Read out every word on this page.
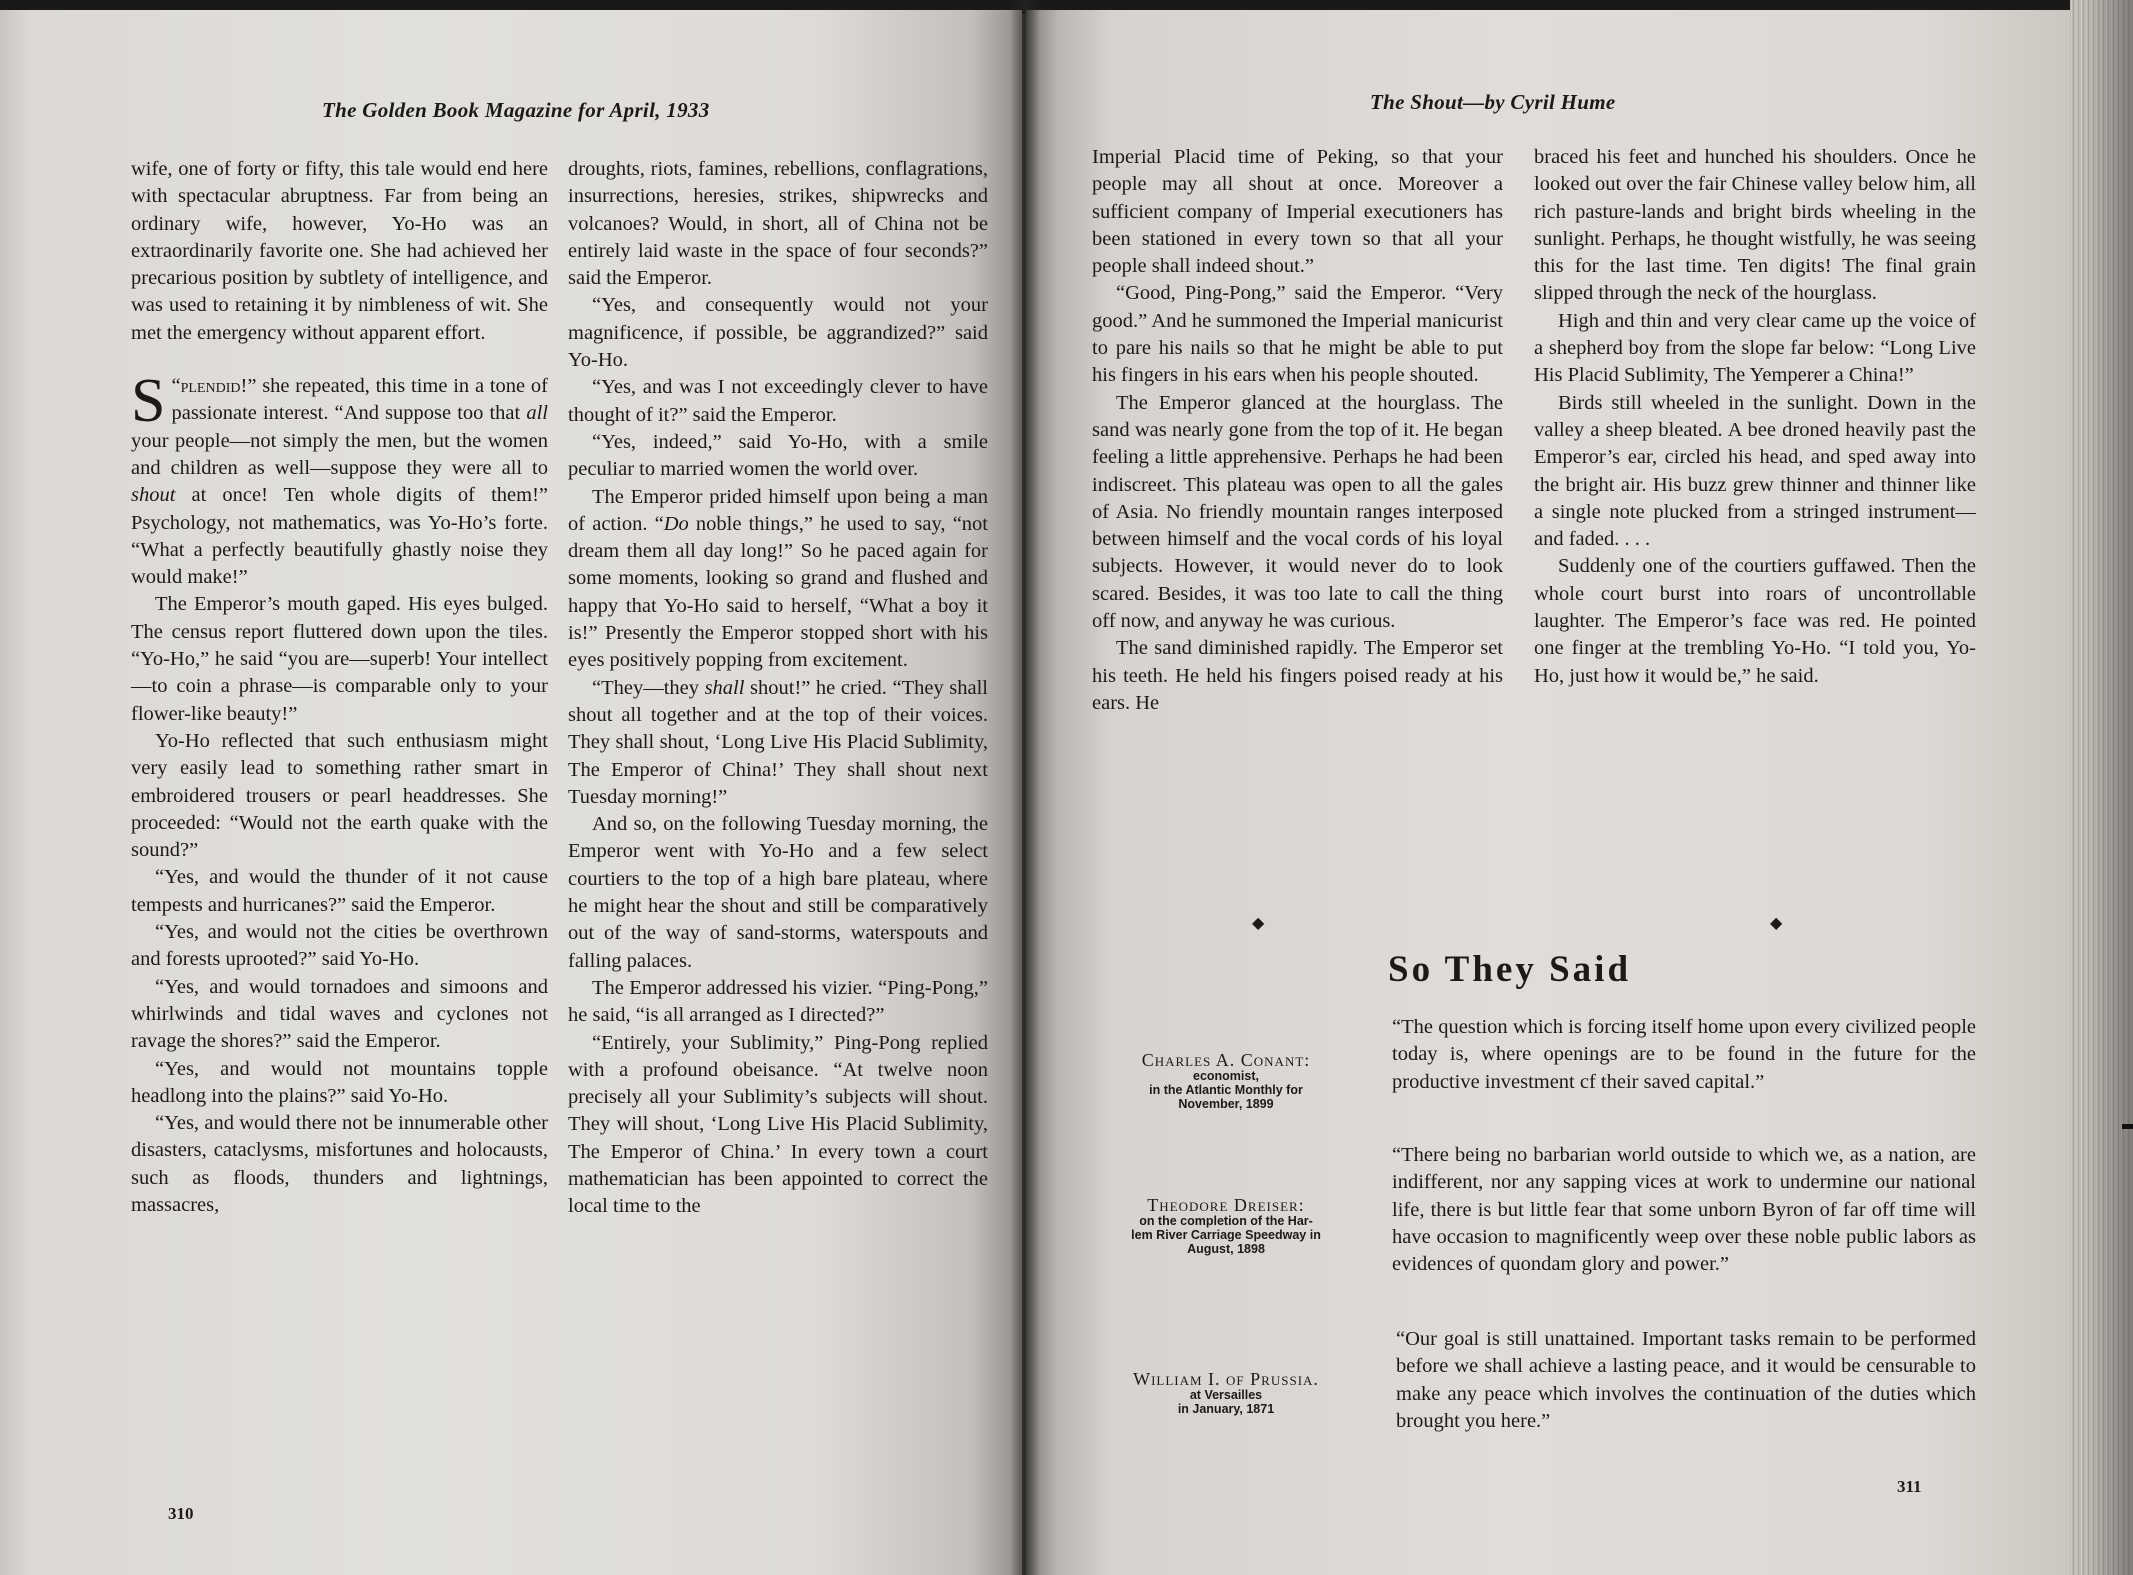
The Golden Book Magazine for April, 1933

wife, one of forty or fifty, this tale would end here with spectacular abruptness. Far from being an ordinary wife, however, Yo-Ho was an extraordinarily favorite one. She had achieved her precarious position by subtlety of intelligence, and was used to retaining it by nimbleness of wit. She met the emergency without apparent effort.

“
S plendid!” she repeated, this time in a tone of passionate interest. “And suppose too that all your people—not simply the men, but the women and children as well—suppose they were all to shout at once! Ten whole digits of them!” Psychology, not mathematics, was Yo-Ho’s forte. “What a perfectly beautifully ghastly noise they would make!”

The Emperor’s mouth gaped. His eyes bulged. The census report fluttered down upon the tiles. “Yo-Ho,” he said “you are—superb! Your intellect—to coin a phrase—is comparable only to your flower-like beauty!”

Yo-Ho reflected that such enthusiasm might very easily lead to something rather smart in embroidered trousers or pearl headdresses. She proceeded: “Would not the earth quake with the sound?”

“Yes, and would the thunder of it not cause tempests and hurricanes?” said the Emperor.

“Yes, and would not the cities be overthrown and forests uprooted?” said Yo-Ho.

“Yes, and would tornadoes and simoons and whirlwinds and tidal waves and cyclones not ravage the shores?” said the Emperor.

“Yes, and would not mountains topple headlong into the plains?” said Yo-Ho.

“Yes, and would there not be innumerable other disasters, cataclysms, misfortunes and holocausts, such as floods, thunders and lightnings, massacres,

droughts, riots, famines, rebellions, conflagrations, insurrections, heresies, strikes, shipwrecks and volcanoes? Would, in short, all of China not be entirely laid waste in the space of four seconds?” said the Emperor.

“Yes, and consequently would not your magnificence, if possible, be aggrandized?” said Yo-Ho.

“Yes, and was I not exceedingly clever to have thought of it?” said the Emperor.

“Yes, indeed,” said Yo-Ho, with a smile peculiar to married women the world over.

The Emperor prided himself upon being a man of action. “Do noble things,” he used to say, “not dream them all day long!” So he paced again for some moments, looking so grand and flushed and happy that Yo-Ho said to herself, “What a boy it is!” Presently the Emperor stopped short with his eyes positively popping from excitement.

“They—they shall shout!” he cried. “They shall shout all together and at the top of their voices. They shall shout, ‘Long Live His Placid Sublimity, The Emperor of China!’ They shall shout next Tuesday morning!”

And so, on the following Tuesday morning, the Emperor went with Yo-Ho and a few select courtiers to the top of a high bare plateau, where he might hear the shout and still be comparatively out of the way of sand-storms, waterspouts and falling palaces.

The Emperor addressed his vizier. “Ping-Pong,” he said, “is all arranged as I directed?”

“Entirely, your Sublimity,” Ping-Pong replied with a profound obeisance. “At twelve noon precisely all your Sublimity’s subjects will shout. They will shout, ‘Long Live His Placid Sublimity, The Emperor of China.’ In every town a court mathematician has been appointed to correct the local time to the

310
The Shout—by Cyril Hume

Imperial Placid time of Peking, so that your people may all shout at once. Moreover a sufficient company of Imperial executioners has been stationed in every town so that all your people shall indeed shout.”

“Good, Ping-Pong,” said the Emperor. “Very good.” And he summoned the Imperial manicurist to pare his nails so that he might be able to put his fingers in his ears when his people shouted.

The Emperor glanced at the hourglass. The sand was nearly gone from the top of it. He began feeling a little apprehensive. Perhaps he had been indiscreet. This plateau was open to all the gales of Asia. No friendly mountain ranges interposed between himself and the vocal cords of his loyal subjects. However, it would never do to look scared. Besides, it was too late to call the thing off now, and anyway he was curious.

The sand diminished rapidly. The Emperor set his teeth. He held his fingers poised ready at his ears. He

braced his feet and hunched his shoulders. Once he looked out over the fair Chinese valley below him, all rich pasture-lands and bright birds wheeling in the sunlight. Perhaps, he thought wistfully, he was seeing this for the last time. Ten digits! The final grain slipped through the neck of the hourglass.

High and thin and very clear came up the voice of a shepherd boy from the slope far below: “Long Live His Placid Sublimity, The Yemperer a China!”

Birds still wheeled in the sunlight. Down in the valley a sheep bleated. A bee droned heavily past the Emperor’s ear, circled his head, and sped away into the bright air. His buzz grew thinner and thinner like a single note plucked from a stringed instrument—and faded. . . .

Suddenly one of the courtiers guffawed. Then the whole court burst into roars of uncontrollable laughter. The Emperor’s face was red. He pointed one finger at the trembling Yo-Ho. “I told you, Yo-Ho, just how it would be,” he said.

◆	◆
So They Said
Charles A. Conant:
economist,
in the Atlantic Monthly for
November, 1899
“The question which is forcing itself home upon every civilized people today is, where openings are to be found in the future for the productive investment cf their saved capital.”
Theodore Dreiser:
on the completion of the Har-
lem River Carriage Speedway in
August, 1898
“There being no barbarian world outside to which we, as a nation, are indifferent, nor any sapping vices at work to undermine our national life, there is but little fear that some unborn Byron of far off time will have occasion to magnificently weep over these noble public labors as evidences of quondam glory and power.”
William I. of Prussia.
at Versailles
in January, 1871
“Our goal is still unattained. Important tasks remain to be performed before we shall achieve a lasting peace, and it would be censurable to make any peace which involves the continuation of the duties which brought you here.”
311
